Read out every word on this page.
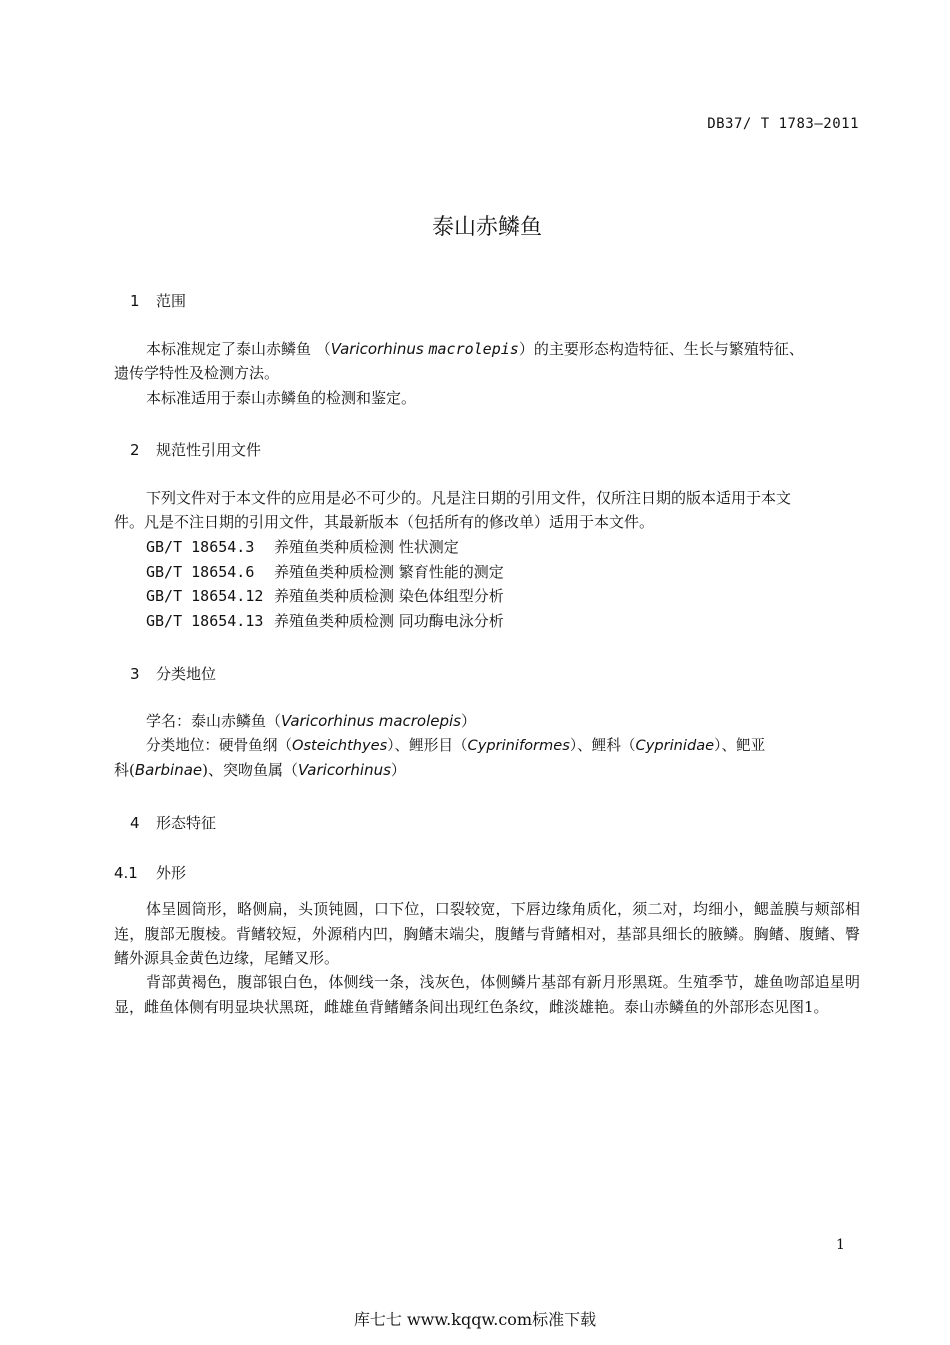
DB37/ T 1783—2011
泰山赤鳞鱼
1 范围
本标准规定了泰山赤鳞鱼 （Varicorhinus macrolepis）的主要形态构造特征、生长与繁殖特征、
遗传学特性及检测方法。
本标准适用于泰山赤鳞鱼的检测和鉴定。
2 规范性引用文件
下列文件对于本文件的应用是必不可少的。凡是注日期的引用文件，仅所注日期的版本适用于本文
件。凡是不注日期的引用文件，其最新版本（包括所有的修改单）适用于本文件。
GB/T 18654.3 养殖鱼类种质检测 性状测定
GB/T 18654.6 养殖鱼类种质检测 繁育性能的测定
GB/T 18654.12 养殖鱼类种质检测 染色体组型分析
GB/T 18654.13 养殖鱼类种质检测 同功酶电泳分析
3 分类地位
学名：泰山赤鳞鱼（Varicorhinus macrolepis）
分类地位：硬骨鱼纲（Osteichthyes）、鲤形目（Cypriniformes）、鲤科（Cyprinidae）、鲃亚
科(Barbinae)、突吻鱼属（Varicorhinus）
4 形态特征
4.1 外形
体呈圆筒形，略侧扁，头顶钝圆，口下位，口裂较宽，下唇边缘角质化，须二对，均细小，鳃盖膜与颊部相连，腹部无腹棱。背鳍较短，外源稍内凹，胸鳍末端尖，腹鳍与背鳍相对，基部具细长的腋鳞。胸鳍、腹鳍、臀鳍外源具金黄色边缘，尾鳍叉形。
背部黄褐色，腹部银白色，体侧线一条，浅灰色，体侧鳞片基部有新月形黑斑。生殖季节，雄鱼吻部追星明显，雌鱼体侧有明显块状黑斑，雌雄鱼背鳍鳍条间出现红色条纹，雌淡雄艳。泰山赤鳞鱼的外部形态见图1。
1
库七七 www.kqqw.com标准下载
